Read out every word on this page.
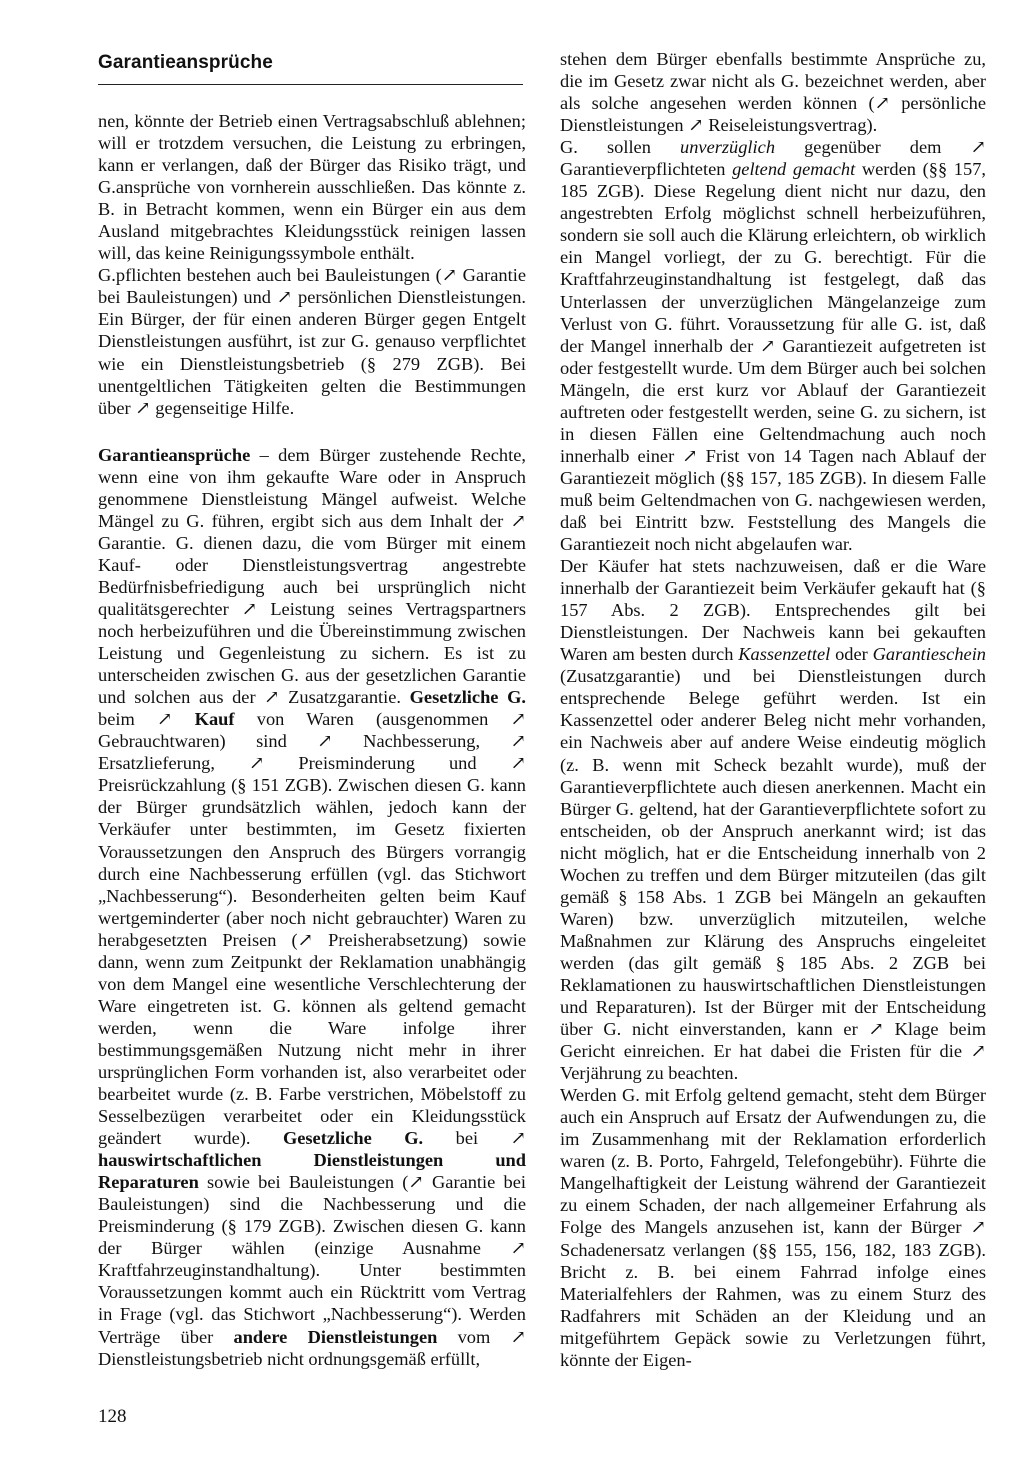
Garantieansprüche

nen, könnte der Betrieb einen Vertragsabschluß ablehnen; will er trotzdem versuchen, die Leistung zu erbringen, kann er verlangen, daß der Bürger das Risiko trägt, und G.ansprüche von vornherein ausschließen. Das könnte z. B. in Betracht kommen, wenn ein Bürger ein aus dem Ausland mitgebrachtes Kleidungsstück reinigen lassen will, das keine Reinigungssymbole enthält.

G.pflichten bestehen auch bei Bauleistungen (↗ Garantie bei Bauleistungen) und ↗ persönlichen Dienstleistungen. Ein Bürger, der für einen anderen Bürger gegen Entgelt Dienstleistungen ausführt, ist zur G. genauso verpflichtet wie ein Dienstleistungsbetrieb (§ 279 ZGB). Bei unentgeltlichen Tätigkeiten gelten die Bestimmungen über ↗ gegenseitige Hilfe.

Garantieansprüche – dem Bürger zustehende Rechte, wenn eine von ihm gekaufte Ware oder in Anspruch genommene Dienstleistung Mängel aufweist. Welche Mängel zu G. führen, ergibt sich aus dem Inhalt der ↗ Garantie. G. dienen dazu, die vom Bürger mit einem Kauf- oder Dienstleistungsvertrag angestrebte Bedürfnisbefriedigung auch bei ursprünglich nicht qualitätsgerechter ↗ Leistung seines Vertragspartners noch herbeizuführen und die Übereinstimmung zwischen Leistung und Gegenleistung zu sichern. Es ist zu unterscheiden zwischen G. aus der gesetzlichen Garantie und solchen aus der ↗ Zusatzgarantie. Gesetzliche G. beim ↗ Kauf von Waren (ausgenommen ↗ Gebrauchtwaren) sind ↗ Nachbesserung, ↗ Ersatzlieferung, ↗ Preisminderung und ↗ Preisrückzahlung (§ 151 ZGB). Zwischen diesen G. kann der Bürger grundsätzlich wählen, jedoch kann der Verkäufer unter bestimmten, im Gesetz fixierten Voraussetzungen den Anspruch des Bürgers vorrangig durch eine Nachbesserung erfüllen (vgl. das Stichwort „Nachbesserung“). Besonderheiten gelten beim Kauf wertgeminderter (aber noch nicht gebrauchter) Waren zu herabgesetzten Preisen (↗ Preisherabsetzung) sowie dann, wenn zum Zeitpunkt der Reklamation unabhängig von dem Mangel eine wesentliche Verschlechterung der Ware eingetreten ist. G. können als geltend gemacht werden, wenn die Ware infolge ihrer bestimmungsgemäßen Nutzung nicht mehr in ihrer ursprünglichen Form vorhanden ist, also verarbeitet oder bearbeitet wurde (z. B. Farbe verstrichen, Möbelstoff zu Sesselbezügen verarbeitet oder ein Kleidungsstück geändert wurde). Gesetzliche G. bei ↗ hauswirtschaftlichen Dienstleistungen und Reparaturen sowie bei Bauleistungen (↗ Garantie bei Bauleistungen) sind die Nachbesserung und die Preisminderung (§ 179 ZGB). Zwischen diesen G. kann der Bürger wählen (einzige Ausnahme ↗ Kraftfahrzeuginstandhaltung). Unter bestimmten Voraussetzungen kommt auch ein Rücktritt vom Vertrag in Frage (vgl. das Stichwort „Nachbesserung“). Werden Verträge über andere Dienstleistungen vom ↗ Dienstleistungsbetrieb nicht ordnungsgemäß erfüllt,

stehen dem Bürger ebenfalls bestimmte Ansprüche zu, die im Gesetz zwar nicht als G. bezeichnet werden, aber als solche angesehen werden können (↗ persönliche Dienstleistungen ↗ Reiseleistungsvertrag).

G. sollen unverzüglich gegenüber dem ↗ Garantieverpflichteten geltend gemacht werden (§§ 157, 185 ZGB). Diese Regelung dient nicht nur dazu, den angestrebten Erfolg möglichst schnell herbeizuführen, sondern sie soll auch die Klärung erleichtern, ob wirklich ein Mangel vorliegt, der zu G. berechtigt. Für die Kraftfahrzeuginstandhaltung ist festgelegt, daß das Unterlassen der unverzüglichen Mängelanzeige zum Verlust von G. führt. Voraussetzung für alle G. ist, daß der Mangel innerhalb der ↗ Garantiezeit aufgetreten ist oder festgestellt wurde. Um dem Bürger auch bei solchen Mängeln, die erst kurz vor Ablauf der Garantiezeit auftreten oder festgestellt werden, seine G. zu sichern, ist in diesen Fällen eine Geltendmachung auch noch innerhalb einer ↗ Frist von 14 Tagen nach Ablauf der Garantiezeit möglich (§§ 157, 185 ZGB). In diesem Falle muß beim Geltendmachen von G. nachgewiesen werden, daß bei Eintritt bzw. Feststellung des Mangels die Garantiezeit noch nicht abgelaufen war.

Der Käufer hat stets nachzuweisen, daß er die Ware innerhalb der Garantiezeit beim Verkäufer gekauft hat (§ 157 Abs. 2 ZGB). Entsprechendes gilt bei Dienstleistungen. Der Nachweis kann bei gekauften Waren am besten durch Kassenzettel oder Garantieschein (Zusatzgarantie) und bei Dienstleistungen durch entsprechende Belege geführt werden. Ist ein Kassenzettel oder anderer Beleg nicht mehr vorhanden, ein Nachweis aber auf andere Weise eindeutig möglich (z. B. wenn mit Scheck bezahlt wurde), muß der Garantieverpflichtete auch diesen anerkennen. Macht ein Bürger G. geltend, hat der Garantieverpflichtete sofort zu entscheiden, ob der Anspruch anerkannt wird; ist das nicht möglich, hat er die Entscheidung innerhalb von 2 Wochen zu treffen und dem Bürger mitzuteilen (das gilt gemäß § 158 Abs. 1 ZGB bei Mängeln an gekauften Waren) bzw. unverzüglich mitzuteilen, welche Maßnahmen zur Klärung des Anspruchs eingeleitet werden (das gilt gemäß § 185 Abs. 2 ZGB bei Reklamationen zu hauswirtschaftlichen Dienstleistungen und Reparaturen). Ist der Bürger mit der Entscheidung über G. nicht einverstanden, kann er ↗ Klage beim Gericht einreichen. Er hat dabei die Fristen für die ↗ Verjährung zu beachten.

Werden G. mit Erfolg geltend gemacht, steht dem Bürger auch ein Anspruch auf Ersatz der Aufwendungen zu, die im Zusammenhang mit der Reklamation erforderlich waren (z. B. Porto, Fahrgeld, Telefongebühr). Führte die Mangelhaftigkeit der Leistung während der Garantiezeit zu einem Schaden, der nach allgemeiner Erfahrung als Folge des Mangels anzusehen ist, kann der Bürger ↗ Schadenersatz verlangen (§§ 155, 156, 182, 183 ZGB). Bricht z. B. bei einem Fahrrad infolge eines Materialfehlers der Rahmen, was zu einem Sturz des Radfahrers mit Schäden an der Kleidung und an mitgeführtem Gepäck sowie zu Verletzungen führt, könnte der Eigen-

128
